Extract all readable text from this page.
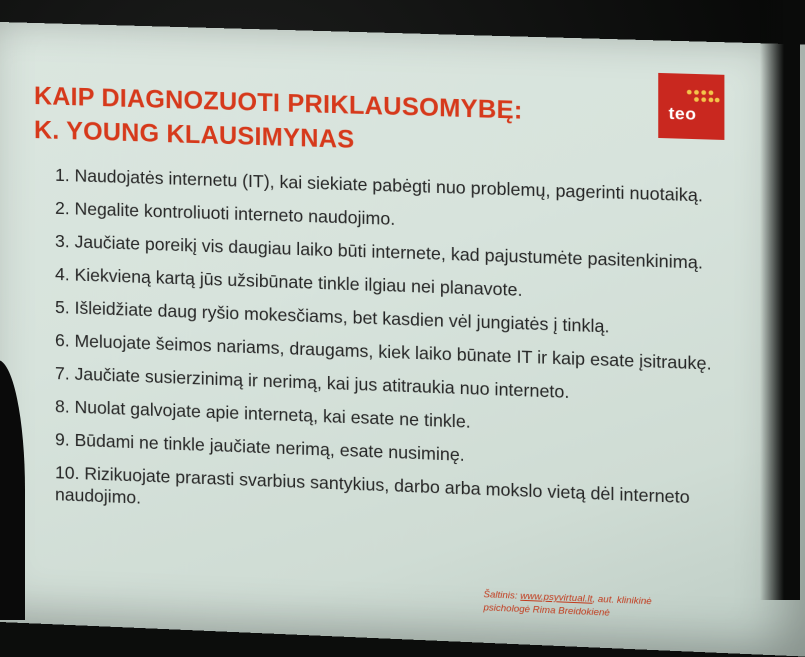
KAIP DIAGNOZUOTI PRIKLAUSOMYBĘ:
K. YOUNG KLAUSIMYNAS
teo
1. Naudojatės internetu (IT), kai siekiate pabėgti nuo problemų, pagerinti nuotaiką.
2. Negalite kontroliuoti interneto naudojimo.
3. Jaučiate poreikį vis daugiau laiko būti internete, kad pajustumėte pasitenkinimą.
4. Kiekvieną kartą jūs užsibūnate tinkle ilgiau nei planavote.
5. Išleidžiate daug ryšio mokesčiams, bet kasdien vėl jungiatės į tinklą.
6. Meluojate šeimos nariams, draugams, kiek laiko būnate IT ir kaip esate įsitraukę.
7. Jaučiate susierzinimą ir nerimą, kai jus atitraukia nuo interneto.
8. Nuolat galvojate apie internetą, kai esate ne tinkle.
9. Būdami ne tinkle jaučiate nerimą, esate nusiminę.
10. Rizikuojate prarasti svarbius santykius, darbo arba mokslo vietą dėl interneto naudojimo.
Šaltinis: www.psyvirtual.lt, aut. klinikinė
psichologė Rima Breidokienė
